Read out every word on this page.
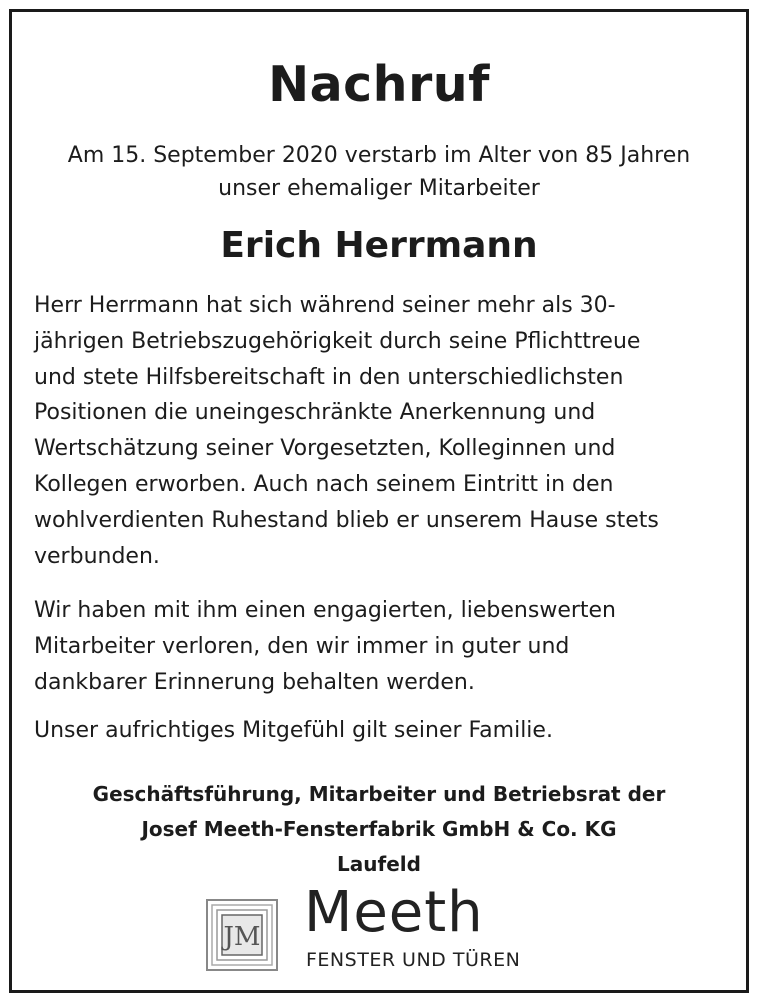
Nachruf
Am 15. September 2020 verstarb im Alter von 85 Jahren
unser ehemaliger Mitarbeiter
Erich Herrmann
Herr Herrmann hat sich während seiner mehr als 30-
jährigen Betriebszugehörigkeit durch seine Pflichttreue
und stete Hilfsbereitschaft in den unterschiedlichsten
Positionen die uneingeschränkte Anerkennung und
Wertschätzung seiner Vorgesetzten, Kolleginnen und
Kollegen erworben. Auch nach seinem Eintritt in den
wohlverdienten Ruhestand blieb er unserem Hause stets
verbunden.
Wir haben mit ihm einen engagierten, liebenswerten
Mitarbeiter verloren, den wir immer in guter und
dankbarer Erinnerung behalten werden.
Unser aufrichtiges Mitgefühl gilt seiner Familie.
Geschäftsführung, Mitarbeiter und Betriebsrat der
Josef Meeth-Fensterfabrik GmbH & Co. KG
Laufeld
JM Meeth
FENSTER UND TÜREN
